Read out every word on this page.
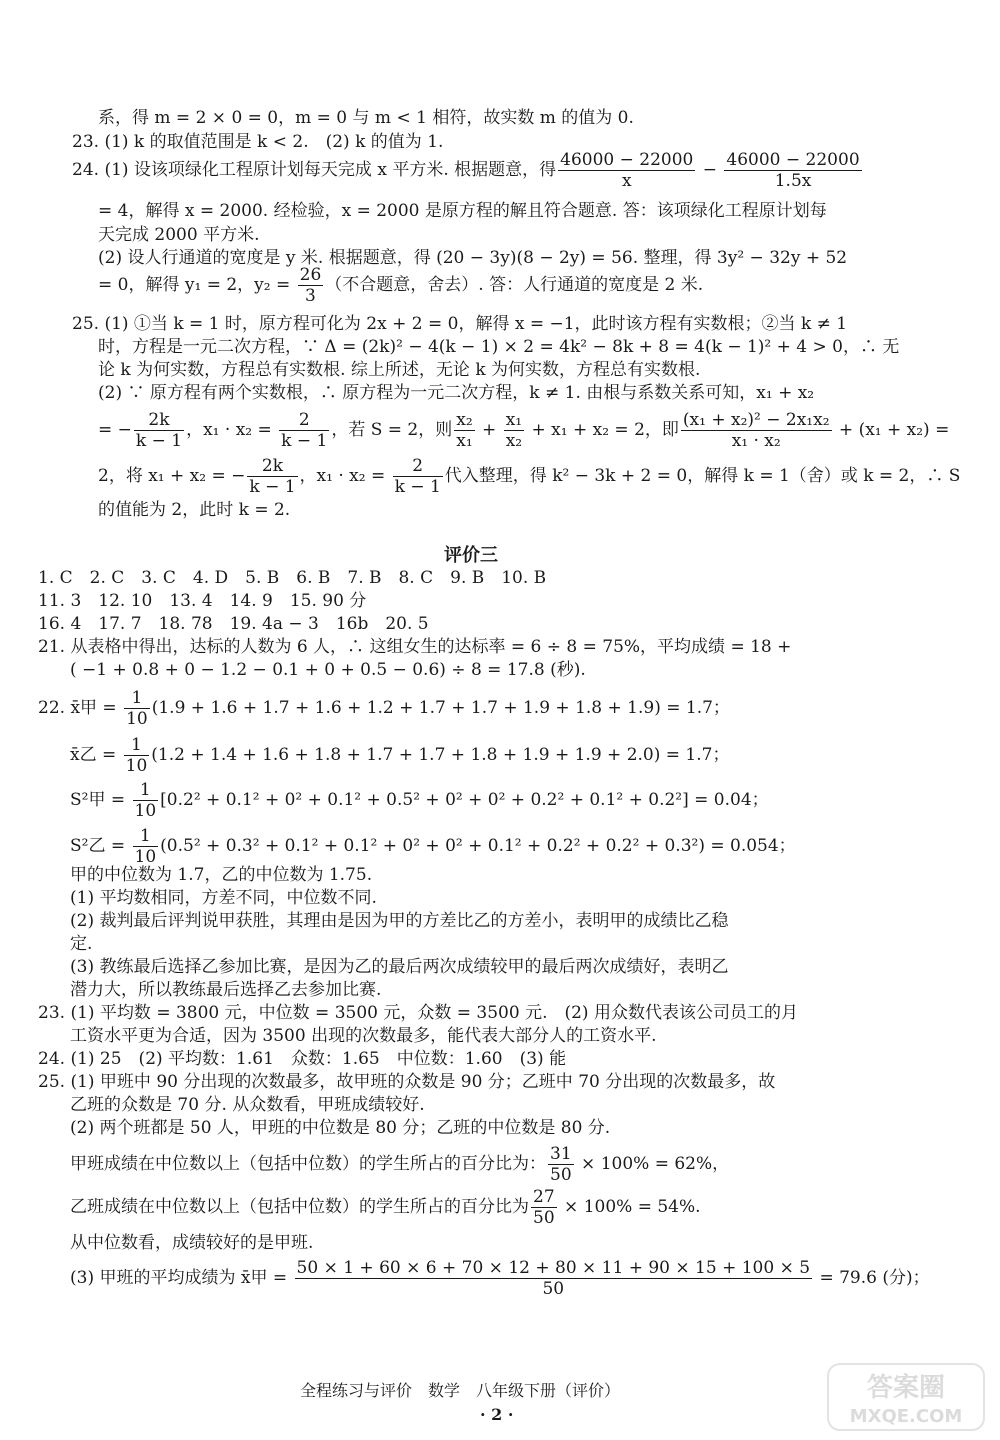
系，得 m = 2 × 0 = 0，m = 0 与 m < 1 相符，故实数 m 的值为 0.
23. (1) k 的取值范围是 k < 2.　(2) k 的值为 1.
24. (1) 设该项绿化工程原计划每天完成 x 平方米. 根据题意，得 $\frac{46000 - 22000}{x} - \frac{46000 - 22000}{1.5x}$
= 4，解得 x = 2000. 经检验，x = 2000 是原方程的解且符合题意. 答：该项绿化工程原计划每
天完成 2000 平方米.
(2) 设人行通道的宽度是 y 米. 根据题意，得 (20 − 3y)(8 − 2y) = 56. 整理，得 3y² − 32y + 52
= 0，解得 y₁ = 2，$y_2 = \frac{26}{3}$ （不合题意，舍去）. 答：人行通道的宽度是 2 米.
25. (1) ①当 k = 1 时，原方程可化为 2x + 2 = 0，解得 x = −1，此时该方程有实数根；②当 k ≠ 1
时，方程是一元二次方程，∵ Δ = (2k)² − 4(k − 1) × 2 = 4k² − 8k + 8 = 4(k − 1)² + 4 > 0，∴ 无
论 k 为何实数，方程总有实数根. 综上所述，无论 k 为何实数，方程总有实数根.
(2) ∵ 原方程有两个实数根，∴ 原方程为一元二次方程，k ≠ 1. 由根与系数关系可知，x₁ + x₂
= − $\frac{2k}{k - 1}$ ，$x_1 \cdot x_2 = \frac{2}{k - 1}$ ，若 S = 2，则 $\frac{\text{x₂}}{\text{x₁}} + \frac{\text{x₁}}{\text{x₂}} + x_1 + x_2 = 2$，即 $\frac{\text{(x₁ + x₂)² − 2x₁x₂}}{\text{x₁ · x₂}} + (x_1 + x_2)$ =
2，将 x₁ + x₂ = − $\frac{2k}{k - 1}$ ，$x_1 \cdot x_2 = \frac{2}{k - 1}$ 代入整理，得 k² − 3k + 2 = 0，解得 k = 1（舍）或 k = 2，∴ S
的值能为 2，此时 k = 2.
评价三
1. C　2. C　3. C　4. D　5. B　6. B　7. B　8. C　9. B　10. B
11. 3　12. 10　13. 4　14. 9　15. 90 分
16. 4　17. 7　18. 78　19. 4a − 3　16b　20. 5
21. 从表格中得出，达标的人数为 6 人，∴ 这组女生的达标率 = 6 ÷ 8 = 75%，平均成绩 = 18 +
( −1 + 0.8 + 0 − 1.2 − 0.1 + 0 + 0.5 − 0.6) ÷ 8 = 17.8 (秒).
22. x̄甲 = $\frac{1}{10} (1.9 + 1.6 + 1.7 + 1.6 + 1.2 + 1.7 + 1.7 + 1.9 + 1.8 + 1.9) = 1.7$；
x̄乙 = $\frac{1}{10} (1.2 + 1.4 + 1.6 + 1.8 + 1.7 + 1.7 + 1.8 + 1.9 + 1.9 + 2.0) = 1.7$；
S²甲 = $\frac{1}{10} [0.2^2 + 0.1^2 + 0^2 + 0.1^2 + 0.5^2 + 0^2 + 0^2 + 0.2^2 + 0.1^2 + 0.2^2] = 0.04$；
S²乙 = $\frac{1}{10} (0.5^2 + 0.3^2 + 0.1^2 + 0.1^2 + 0^2 + 0^2 + 0.1^2 + 0.2^2 + 0.2^2 + 0.3^2) = 0.054$；
甲的中位数为 1.7，乙的中位数为 1.75.
(1) 平均数相同，方差不同，中位数不同.
(2) 裁判最后评判说甲获胜，其理由是因为甲的方差比乙的方差小，表明甲的成绩比乙稳
定.
(3) 教练最后选择乙参加比赛，是因为乙的最后两次成绩较甲的最后两次成绩好，表明乙
潜力大，所以教练最后选择乙去参加比赛.
23. (1) 平均数 = 3800 元，中位数 = 3500 元，众数 = 3500 元.　(2) 用众数代表该公司员工的月
工资水平更为合适，因为 3500 出现的次数最多，能代表大部分人的工资水平.
24. (1) 25　(2) 平均数：1.61　众数：1.65　中位数：1.60　(3) 能
25. (1) 甲班中 90 分出现的次数最多，故甲班的众数是 90 分；乙班中 70 分出现的次数最多，故
乙班的众数是 70 分. 从众数看，甲班成绩较好.
(2) 两个班都是 50 人，甲班的中位数是 80 分；乙班的中位数是 80 分.
甲班成绩在中位数以上（包括中位数）的学生所占的百分比为： $\frac{31}{50} \times 100\% = 62\%$，
乙班成绩在中位数以上（包括中位数）的学生所占的百分比为 $\frac{27}{50} \times 100\% = 54\%$.
从中位数看，成绩较好的是甲班.
(3) 甲班的平均成绩为 x̄甲 = $\frac{50 \times 1 + 60 \times 6 + 70 \times 12 + 80 \times 11 + 90 \times 15 + 100 \times 5}{50} = 79.6$ (分)；
全程练习与评价　数学　八年级下册（评价）
· 2 ·
答案圈
MXQE.COM
